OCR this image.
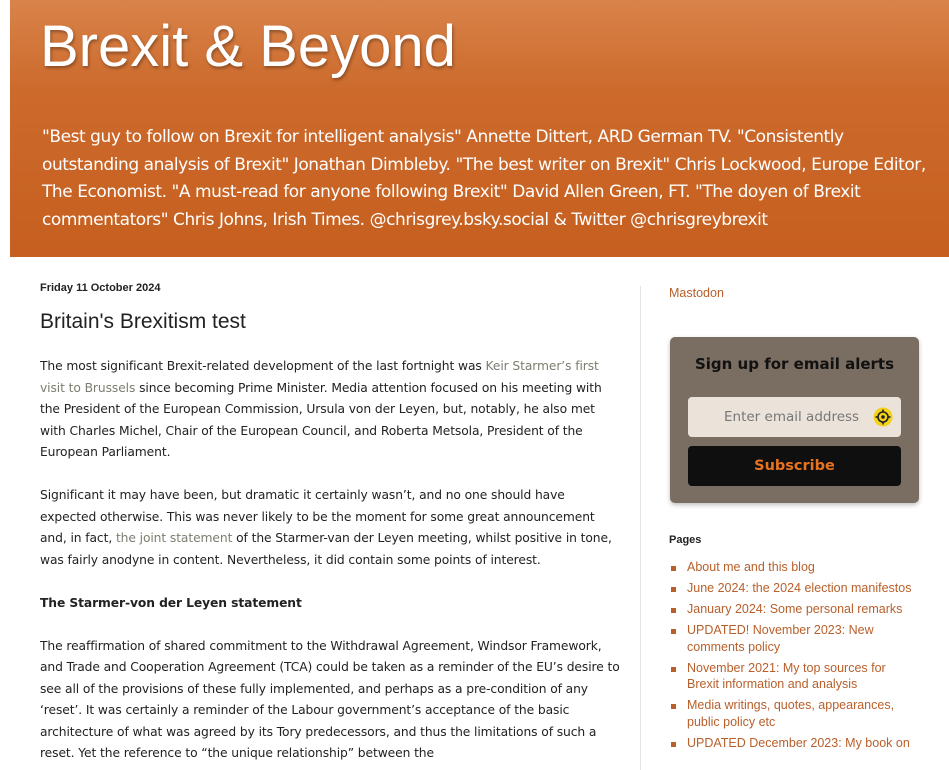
Brexit & Beyond
"Best guy to follow on Brexit for intelligent analysis" Annette Dittert, ARD German TV. "Consistently outstanding analysis of Brexit" Jonathan Dimbleby. "The best writer on Brexit" Chris Lockwood, Europe Editor, The Economist. "A must-read for anyone following Brexit" David Allen Green, FT. "The doyen of Brexit commentators" Chris Johns, Irish Times. @chrisgrey.bsky.social & Twitter @chrisgreybrexit
Friday 11 October 2024
Britain's Brexitism test

The most significant Brexit-related development of the last fortnight was Keir Starmer’s first visit to Brussels since becoming Prime Minister. Media attention focused on his meeting with the President of the European Commission, Ursula von der Leyen, but, notably, he also met with Charles Michel, Chair of the European Council, and Roberta Metsola, President of the European Parliament.

Significant it may have been, but dramatic it certainly wasn’t, and no one should have expected otherwise. This was never likely to be the moment for some great announcement and, in fact, the joint statement of the Starmer-van der Leyen meeting, whilst positive in tone, was fairly anodyne in content. Nevertheless, it did contain some points of interest.

The Starmer-von der Leyen statement

The reaffirmation of shared commitment to the Withdrawal Agreement, Windsor Framework, and Trade and Cooperation Agreement (TCA) could be taken as a reminder of the EU’s desire to see all of the provisions of these fully implemented, and perhaps as a pre-condition of any ‘reset’. It was certainly a reminder of the Labour government’s acceptance of the basic architecture of what was agreed by its Tory predecessors, and thus the limitations of such a reset. Yet the reference to “the unique relationship” between the

Mastodon
Sign up for email alerts
Enter email address
Subscribe
Pages
About me and this blog
June 2024: the 2024 election manifestos
January 2024: Some personal remarks
UPDATED! November 2023: New comments policy
November 2021: My top sources for Brexit information and analysis
Media writings, quotes, appearances, public policy etc
UPDATED December 2023: My book on
